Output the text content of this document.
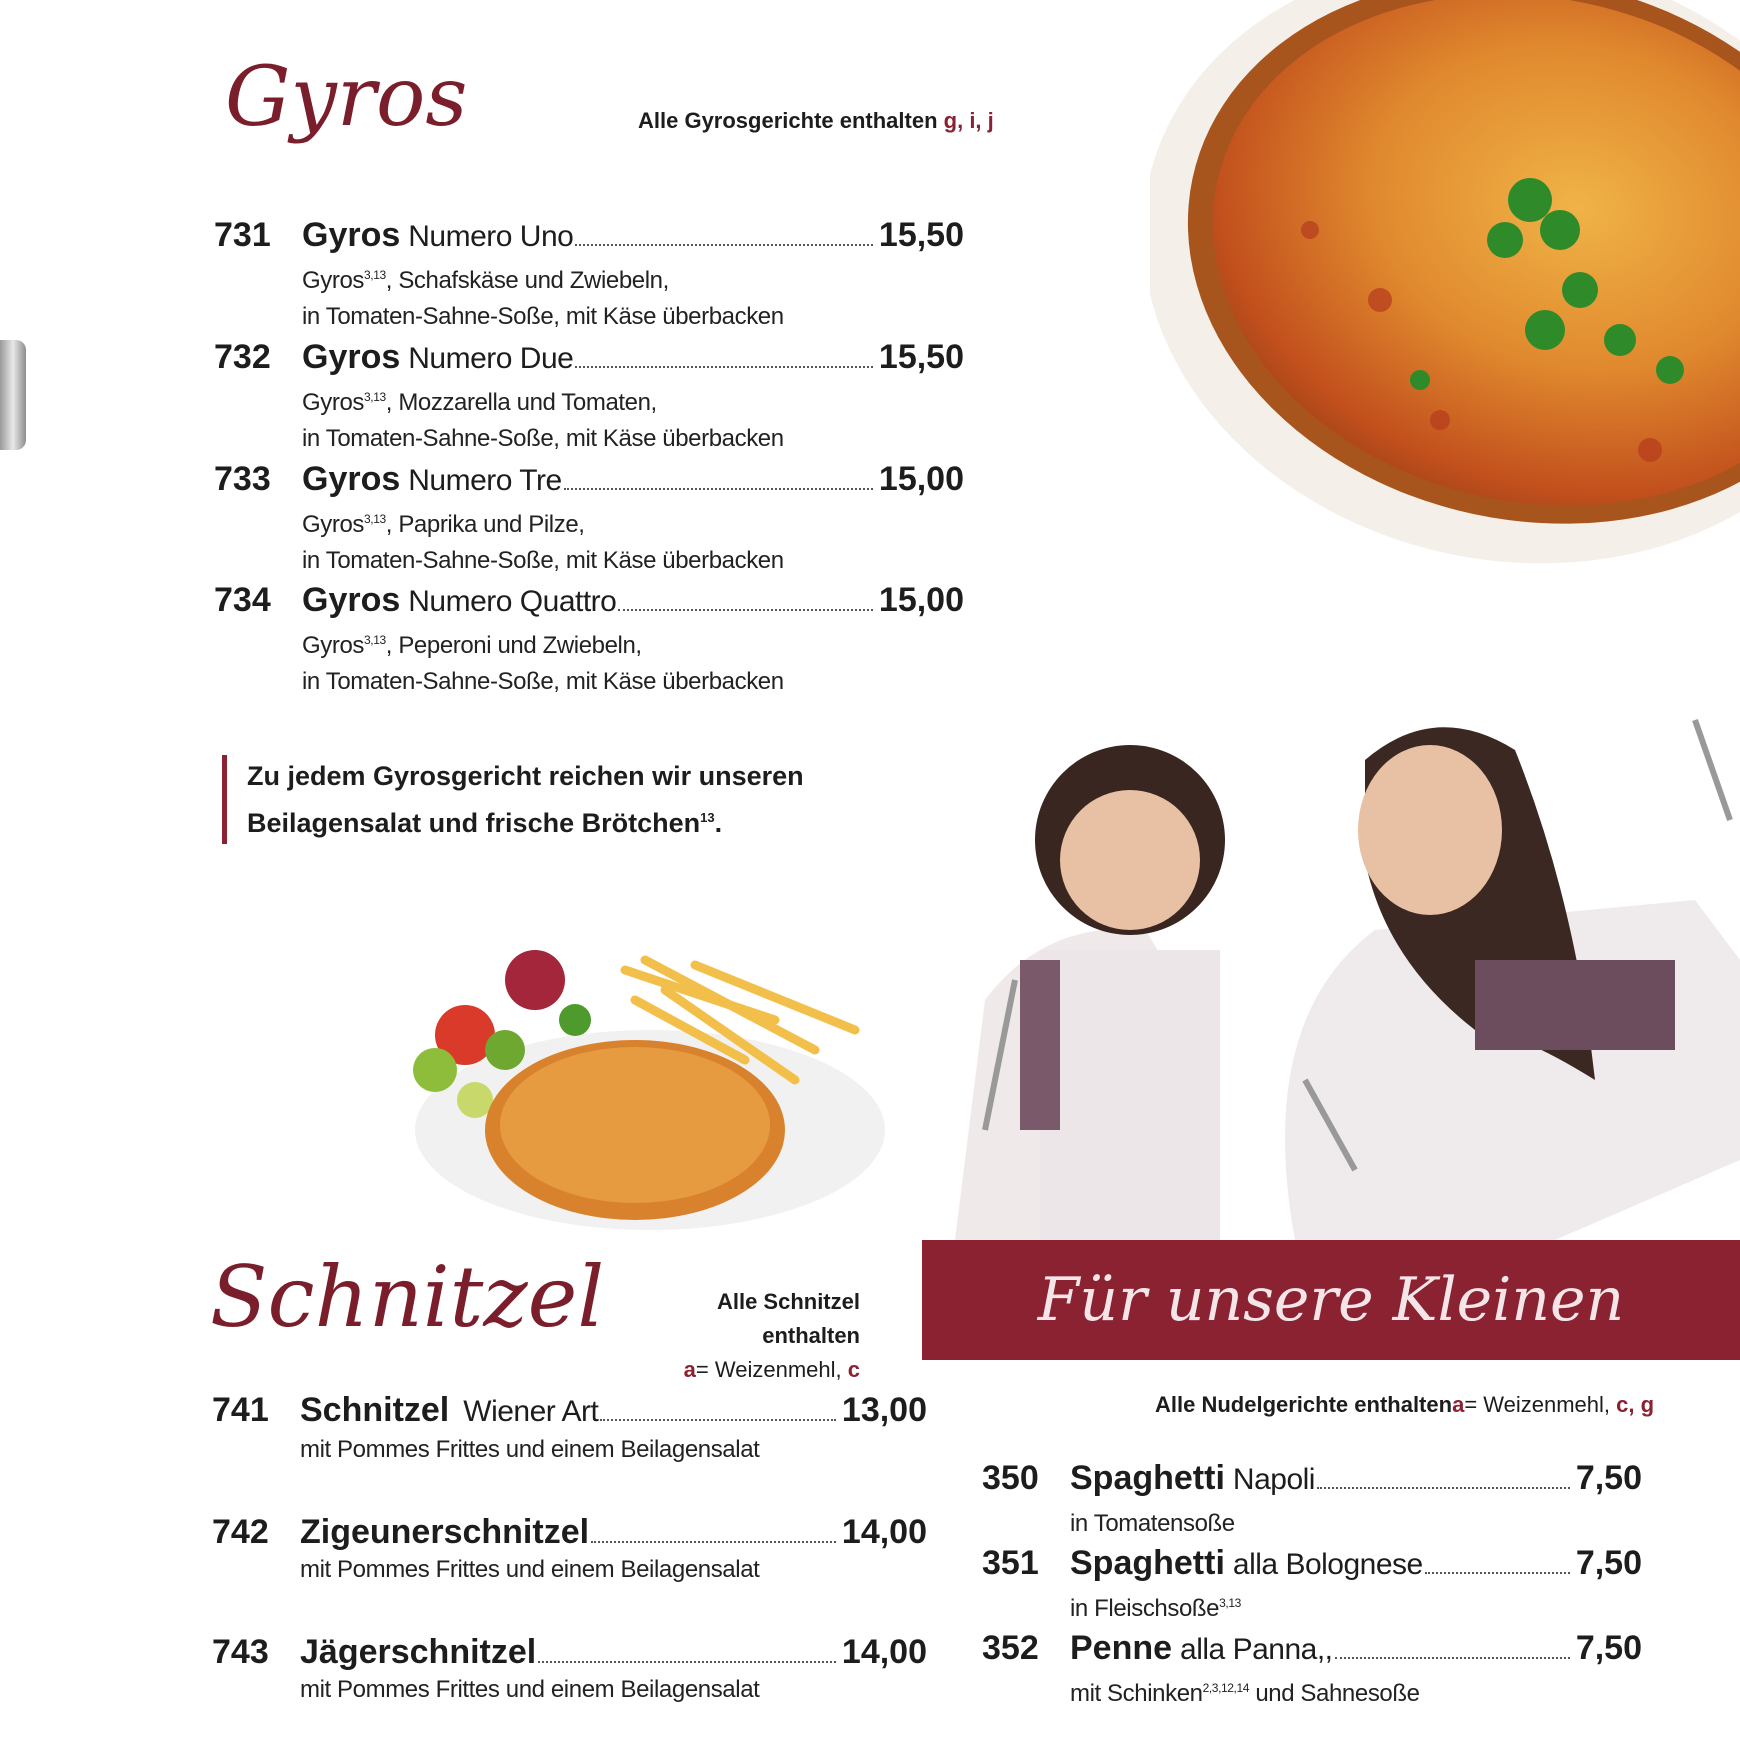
Gyros	Alle Gyrosgerichte enthalten g, i, j
731 Gyros Numero Uno	15,50
Gyros$^{3,13}$, Schafskäse und Zwiebeln,
in Tomaten-Sahne-Soße, mit Käse überbacken
732 Gyros Numero Due	15,50
Gyros$^{3,13}$, Mozzarella und Tomaten,
in Tomaten-Sahne-Soße, mit Käse überbacken
733 Gyros Numero Tre	15,00
Gyros$^{3,13}$, Paprika und Pilze,
in Tomaten-Sahne-Soße, mit Käse überbacken
734 Gyros Numero Quattro	15,00
Gyros$^{3,13}$, Peperoni und Zwiebeln,
in Tomaten-Sahne-Soße, mit Käse überbacken
Zu jedem Gyrosgericht reichen wir unseren
Beilagensalat und frische Brötchen$^{13}$.
Für unsere Kleinen
Schnitzel	Alle Schnitzel enthalten
a= Weizenmehl, c
741 Schnitzel Wiener Art	13,00
mit Pommes Frittes und einem Beilagensalat
742 Zigeunerschnitzel	14,00
mit Pommes Frittes und einem Beilagensalat
743 Jägerschnitzel	14,00
mit Pommes Frittes und einem Beilagensalat
Alle Nudelgerichte enthaltena= Weizenmehl, c, g
350 Spaghetti Napoli	7,50
in Tomatensoße
351 Spaghetti alla Bolognese	7,50
in Fleischsoße$^{3,13}$
352 Penne alla Panna,,	7,50
mit Schinken$^{2,3,12,14}$ und Sahnesoße
